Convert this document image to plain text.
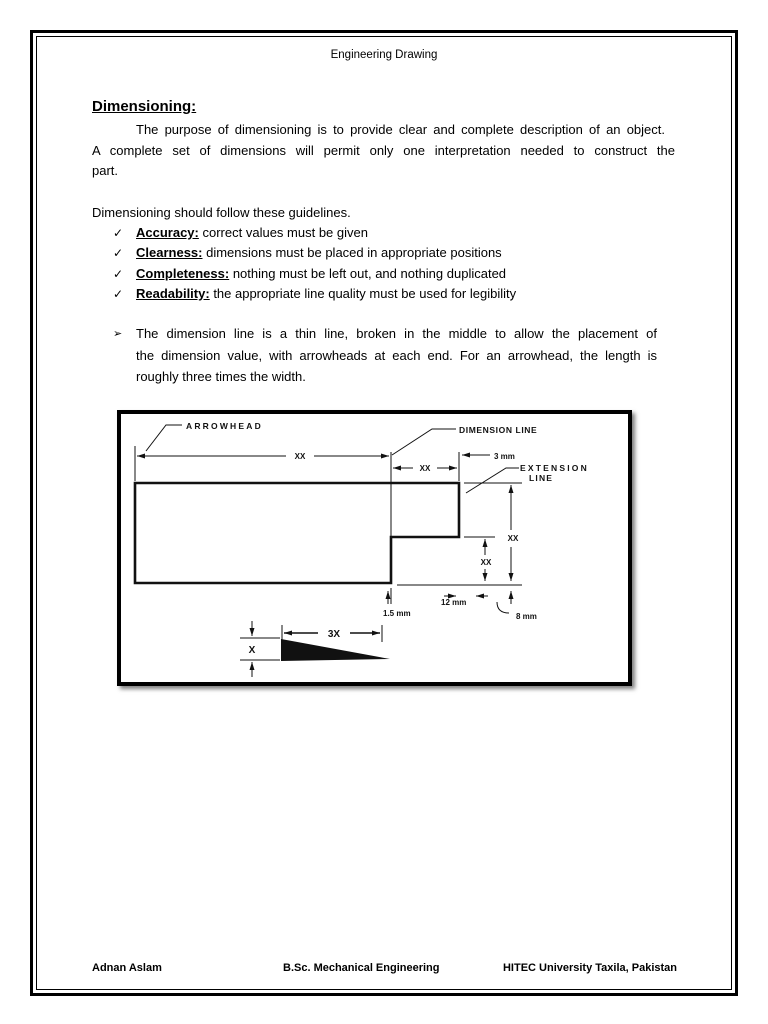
Engineering Drawing
Dimensioning:
The purpose of dimensioning is to provide clear and complete description of an object.
A complete set of dimensions will permit only one interpretation needed to construct the
part.
Dimensioning should follow these guidelines.
✓
Accuracy: correct values must be given
✓
Clearness: dimensions must be placed in appropriate positions
✓
Completeness: nothing must be left out, and nothing duplicated
✓
Readability: the appropriate line quality must be used for legibility
➢
The dimension line is a thin line, broken in the middle to allow the placement of
the dimension value, with arrowheads at each end. For an arrowhead, the length is
roughly three times the width.
XX
XX
XX
XX
ARROWHEAD	DIMENSION LINE
EXTENSION
LINE
3 mm
1.5 mm
12 mm
8 mm
X
3X
Adnan Aslam	B.Sc. Mechanical Engineering	HITEC University Taxila, Pakistan
